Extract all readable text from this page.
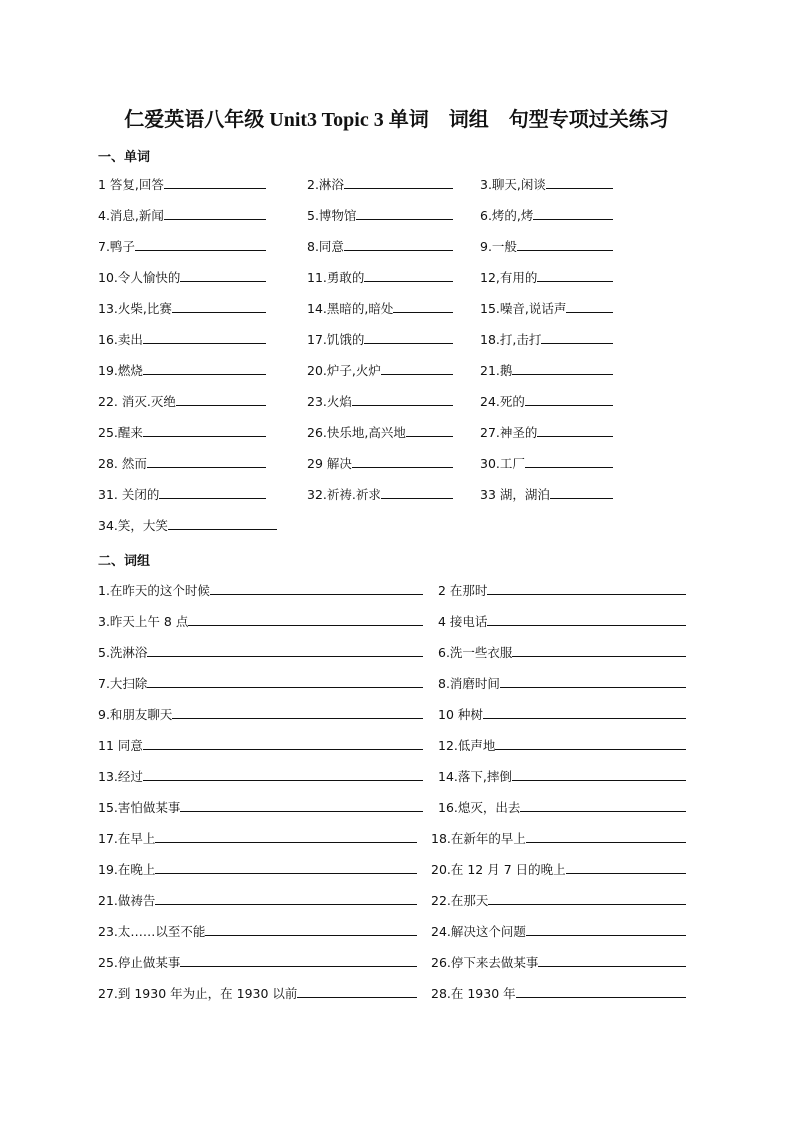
仁爱英语八年级 Unit3 Topic 3 单词　词组　句型专项过关练习
一、单词
二、词组
1 答复,回答	2.淋浴	3.聊天,闲谈
4.消息,新闻	5.博物馆	6.烤的,烤
7.鸭子	8.同意	9.一般
10.令人愉快的	11.勇敢的	12,有用的
13.火柴,比赛	14.黑暗的,暗处	15.噪音,说话声
16.卖出	17.饥饿的	18.打,击打
19.燃烧	20.炉子,火炉	21.鹅
22. 消灭.灭绝	23.火焰	24.死的
25.醒来	26.快乐地,高兴地	27.神圣的
28. 然而	29 解决	30.工厂
31. 关闭的	32.祈祷.祈求	33 湖，湖泊
34.笑，大笑
1.在昨天的这个时候	2 在那时
3.昨天上午 8 点	4 接电话
5.洗淋浴	6.洗一些衣服
7.大扫除	8.消磨时间
9.和朋友聊天	10 种树
11 同意	12.低声地
13.经过	14.落下,摔倒
15.害怕做某事	16.熄灭，出去
17.在早上	18.在新年的早上
19.在晚上	20.在 12 月 7 日的晚上
21.做祷告	22.在那天
23.太……以至不能	24.解决这个问题
25.停止做某事	26.停下来去做某事
27.到 1930 年为止，在 1930 以前	28.在 1930 年
